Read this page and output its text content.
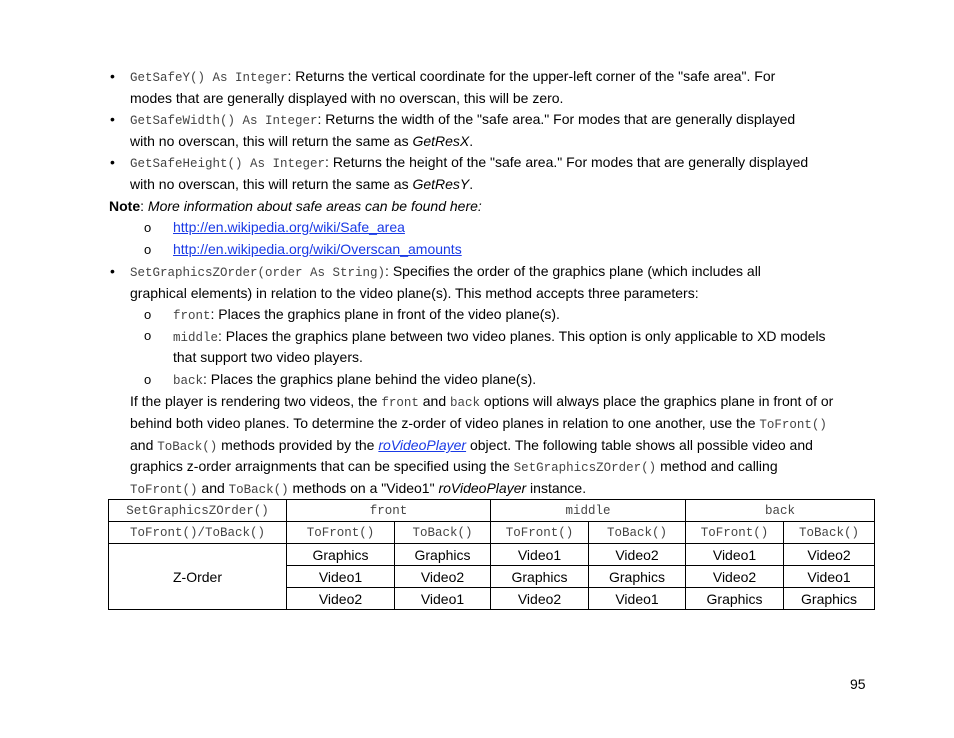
• GetSafeY() As Integer: Returns the vertical coordinate for the upper-left corner of the "safe area". For
modes that are generally displayed with no overscan, this will be zero.
• GetSafeWidth() As Integer: Returns the width of the "safe area." For modes that are generally displayed
with no overscan, this will return the same as GetResX.
• GetSafeHeight() As Integer: Returns the height of the "safe area." For modes that are generally displayed
with no overscan, this will return the same as GetResY.
Note: More information about safe areas can be found here:
o http://en.wikipedia.org/wiki/Safe_area
o http://en.wikipedia.org/wiki/Overscan_amounts
• SetGraphicsZOrder(order As String): Specifies the order of the graphics plane (which includes all
graphical elements) in relation to the video plane(s). This method accepts three parameters:
o front: Places the graphics plane in front of the video plane(s).
o middle: Places the graphics plane between two video planes. This option is only applicable to XD models
that support two video players.
o back: Places the graphics plane behind the video plane(s).
If the player is rendering two videos, the front and back options will always place the graphics plane in front of or
behind both video planes. To determine the z-order of video planes in relation to one another, use the ToFront()
and ToBack() methods provided by the roVideoPlayer object. The following table shows all possible video and
graphics z-order arraignments that can be specified using the SetGraphicsZOrder() method and calling
ToFront() and ToBack() methods on a "Video1" roVideoPlayer instance.
SetGraphicsZOrder()	front		middle		back	
ToFront()/ToBack()	ToFront()	ToBack()	ToFront()	ToBack()	ToFront()	ToBack()
Z-Order	Graphics	Graphics	Video1	Video2	Video1	Video2
	Video1	Video2	Graphics	Graphics	Video2	Video1
	Video2	Video1	Video2	Video1	Graphics	Graphics
95
